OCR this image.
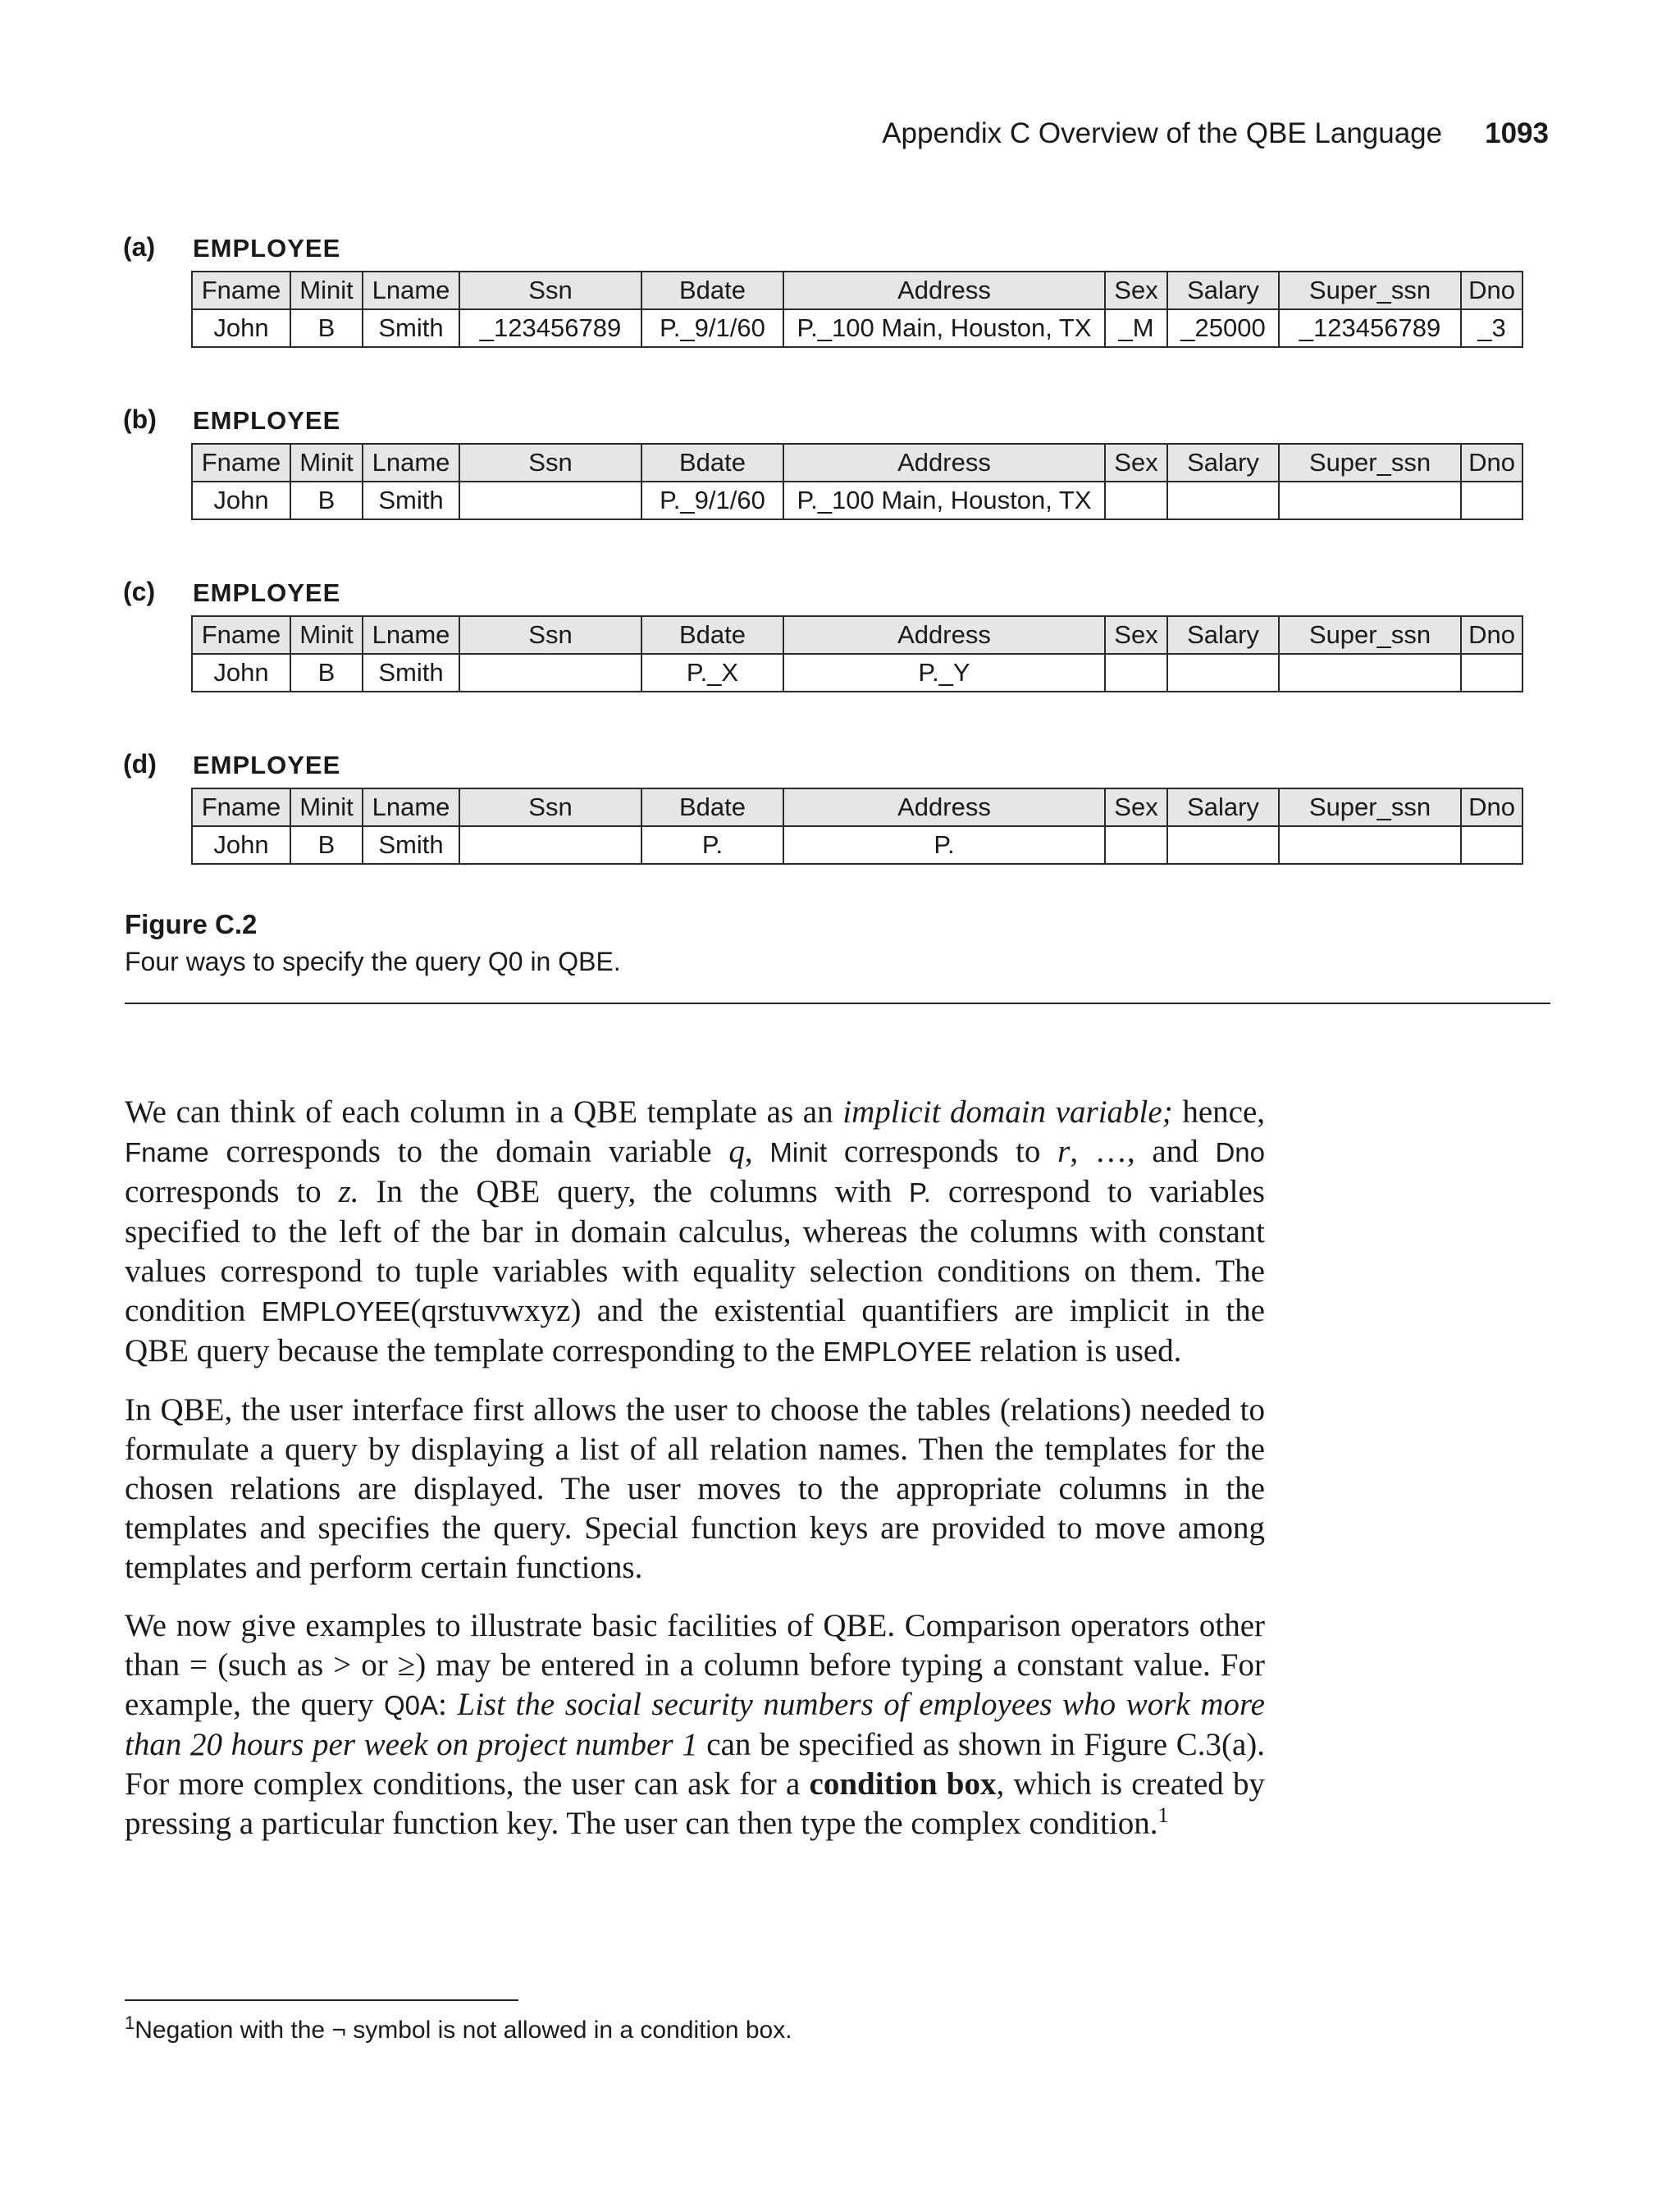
Appendix C Overview of the QBE Language 1093
(a) EMPLOYEE
Fname	Minit	Lname	Ssn	Bdate	Address	Sex	Salary	Super_ssn	Dno
John	B	Smith	_123456789	P._9/1/60	P._100 Main, Houston, TX	_M	_25000	_123456789	_3
(b) EMPLOYEE
Fname	Minit	Lname	Ssn	Bdate	Address	Sex	Salary	Super_ssn	Dno
John	B	Smith		P._9/1/60	P._100 Main, Houston, TX				
(c) EMPLOYEE
Fname	Minit	Lname	Ssn	Bdate	Address	Sex	Salary	Super_ssn	Dno
John	B	Smith		P._X	P._Y				
(d) EMPLOYEE
Fname	Minit	Lname	Ssn	Bdate	Address	Sex	Salary	Super_ssn	Dno
John	B	Smith		P.	P.				
Figure C.2
Four ways to specify the query Q0 in QBE.

We can think of each column in a QBE template as an implicit domain variable; hence, Fname corresponds to the domain variable q, Minit corresponds to r, …, and Dno corresponds to z. In the QBE query, the columns with P. correspond to variables specified to the left of the bar in domain calculus, whereas the columns with constant values correspond to tuple variables with equality selection conditions on them. The condition EMPLOYEE(qrstuvwxyz) and the existential quantifiers are implicit in the QBE query because the template corresponding to the EMPLOYEE relation is used.

In QBE, the user interface first allows the user to choose the tables (relations) needed to formulate a query by displaying a list of all relation names. Then the templates for the chosen relations are displayed. The user moves to the appropriate columns in the templates and specifies the query. Special function keys are provided to move among templates and perform certain functions.

We now give examples to illustrate basic facilities of QBE. Comparison operators other than = (such as > or ≥) may be entered in a column before typing a constant value. For example, the query Q0A: List the social security numbers of employees who work more than 20 hours per week on project number 1 can be specified as shown in Figure C.3(a). For more complex conditions, the user can ask for a condition box, which is created by pressing a particular function key. The user can then type the complex condition.$^1$

$^1$Negation with the ¬ symbol is not allowed in a condition box.
